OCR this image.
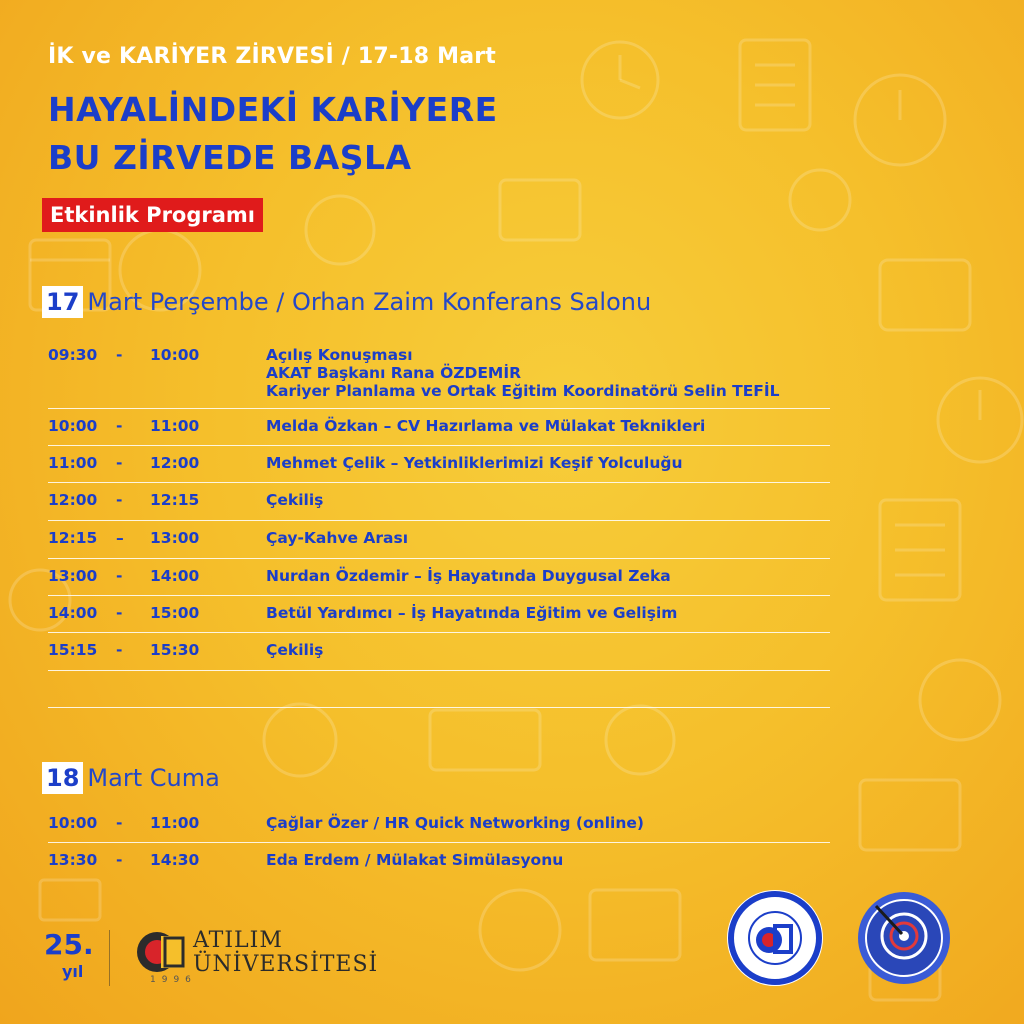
İK ve KARİYER ZİRVESİ / 17-18 Mart
HAYALİNDEKİ KARİYERE
BU ZİRVEDE BAŞLA
Etkinlik Programı
17 Mart Perşembe / Orhan Zaim Konferans Salonu
09:30 - 10:00	Açılış Konuşması
AKAT Başkanı Rana ÖZDEMİR
Kariyer Planlama ve Ortak Eğitim Koordinatörü Selin TEFİL
10:00 - 11:00	Melda Özkan – CV Hazırlama ve Mülakat Teknikleri
11:00 - 12:00	Mehmet Çelik – Yetkinliklerimizi Keşif Yolculuğu
12:00 - 12:15	Çekiliş
12:15 – 13:00	Çay-Kahve Arası
13:00 - 14:00	Nurdan Özdemir – İş Hayatında Duygusal Zeka
14:00 - 15:00	Betül Yardımcı – İş Hayatında Eğitim ve Gelişim
15:15 - 15:30	Çekiliş
18 Mart Cuma
10:00 - 11:00	Çağlar Özer / HR Quick Networking (online)
13:30 - 14:30	Eda Erdem / Mülakat Simülasyonu
25.
yıl
ATILIM
ÜNİVERSİTESİ
1996
